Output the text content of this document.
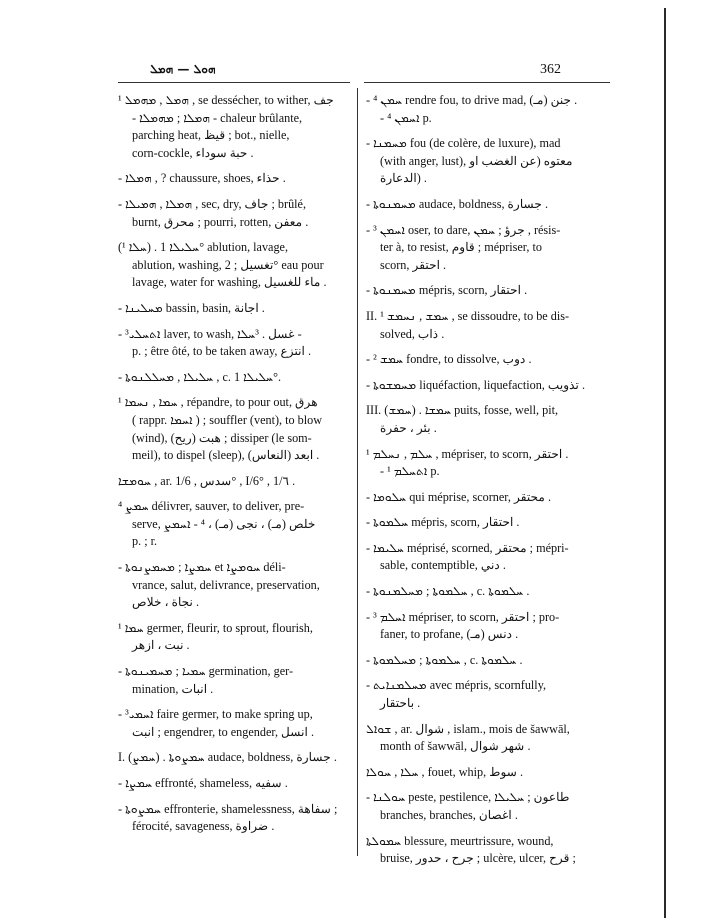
ܗܘܠ — ܗܡܠ	362

¹ ܗܡܠ , ܡܗܡܠ , se dessécher, to wither, جف

- ܗܡܠܐ ; ܡܗܡܠܐ - chaleur brûlante,

parching heat, قيظ ; bot., nielle,

corn-cockle, حبة سوداء .

- ܗܡܠܐ , ? chaussure, shoes, حذاء .

- ܗܡܠܐ , ܗܡܝܠܐ , sec, dry, جاف ; brûlé,

burnt, محرق ; pourri, rotten, معفن .

(¹ ܚܠܐ) . ܚܠܝܠܐ 1° ablution, lavage,

ablution, washing, تغسيل ; 2° eau pour

lavage, water for washing, ماء للغسيل .

- ܡܚܠܝܢܐ bassin, basin, اجانة .

- ³ܐܬܚܠܝ laver, to wash, غسل . ³ܚܠܐ -

p. ; être ôté, to be taken away, انتزع .

- ܚܠܝܠܐ , ܡܚܠܠܢܘܬܐ , c. ܚܠܝܠܐ 1°.

¹ ܚܡܐ , ܢܚܡܐ , répandre, to pour out, هرق

( rappr. ܐܚܡܐ ) ; souffler (vent), to blow

(wind), هبت (ريح) ; dissiper (le som-

meil), to dispel (sleep), ابعد (النعاس) .

ܚܘܡܫܐ , ar. سدس , 1/6° , I/6° , 1/٦ .

⁴ ܚܡܨ délivrer, sauver, to deliver, pre-

serve, خلص (مـ) ، نجى (مـ) ، ⁴ - ܐܚܡܨ

p. ; r.

- ܚܡܨܐ ; ܡܚܡܨܢܘܬܐ et ܚܘܡܨܐ déli-

vrance, salut, delivrance, preservation,

نجاة ، خلاص .

¹ ܚܡܐ germer, fleurir, to sprout, flourish,

نبت ، ازهر .

- ܚܡܝܐ ; ܡܚܡܝܢܘܬܐ germination, ger-

mination, انبات .

- ³ܐܚܡܝ faire germer, to make spring up,

انبت ; engendrer, to engender, انسل .

I. (ܚܡܨ) . ܚܡܨܘܬܐ audace, boldness, جسارة .

- ܚܡܨܐ effronté, shameless, سفيه .

- ܚܡܨܘܬܐ effronterie, shamelessness, سفاهة ;

férocité, savageness, ضراوة .

- ⁴ ܚܡܢ rendre fou, to drive mad, جنن (مـ) .

- ⁴ ܐܚܡܢ p.

- ܡܚܡܢܐ fou (de colère, de luxure), mad

(with anger, lust), معتوه (عن الغضب او

الدعارة) .

- ܡܚܡܢܘܬܐ audace, boldness, جسارة .

- ³ ܐܚܡܢ oser, to dare, جرؤ ; ܚܡܢ , résis-

ter à, to resist, قاوم ; mépriser, to

scorn, احتقر .

- ܡܚܡܢܘܬܐ mépris, scorn, احتقار .

II. ¹ ܚܡܫ , ܢܚܡܫ , se dissoudre, to be dis-

solved, ذاب .

- ² ܚܡܫ fondre, to dissolve, دوب .

- ܡܚܡܫܘܬܐ liquéfaction, liquefaction, تذويب .

III. (ܚܡܫ) . ܚܡܫܐ puits, fosse, well, pit,

بئر ، حفرة .

¹ ܚܠܡ , ܢܚܠܡ , mépriser, to scorn, احتقر .

- ¹ ܐܬܚܠܡ p.

- ܚܠܘܡܐ qui méprise, scorner, محتقر .

- ܚܠܡܘܬܐ mépris, scorn, احتقار .

- ܚܠܝܡܐ méprisé, scorned, محتقر ; mépri-

sable, contemptible, دني .

- ܚܠܡܘܬܐ ; ܡܚܠܡܢܘܬܐ , c. ܚܠܡܘܬܐ .

- ³ ܐܚܠܡ mépriser, to scorn, احتقر ; pro-

faner, to profane, دنس (مـ) .

- ܚܠܡܘܬܐ ; ܡܚܠܡܘܬܐ , c. ܚܠܡܘܬܐ .

- ܡܚܠܡܢܐܝܬ avec mépris, scornfully,

باحتقار .

ܫܘܐܠ , ar. شوال , islam., mois de šawwāl,

month of šawwāl, شهر شوال .

ܚܠܐ , ܚܘܠܐ , fouet, whip, سوط .

- ܚܘܠܢܐ peste, pestilence, طاعون ; ܚܠܝܠܐ

branches, branches, اغصان .

ܚܡܘܠܬܐ blessure, meurtrissure, wound,

bruise, جرح ، حدور ; ulcère, ulcer, قرح ;
